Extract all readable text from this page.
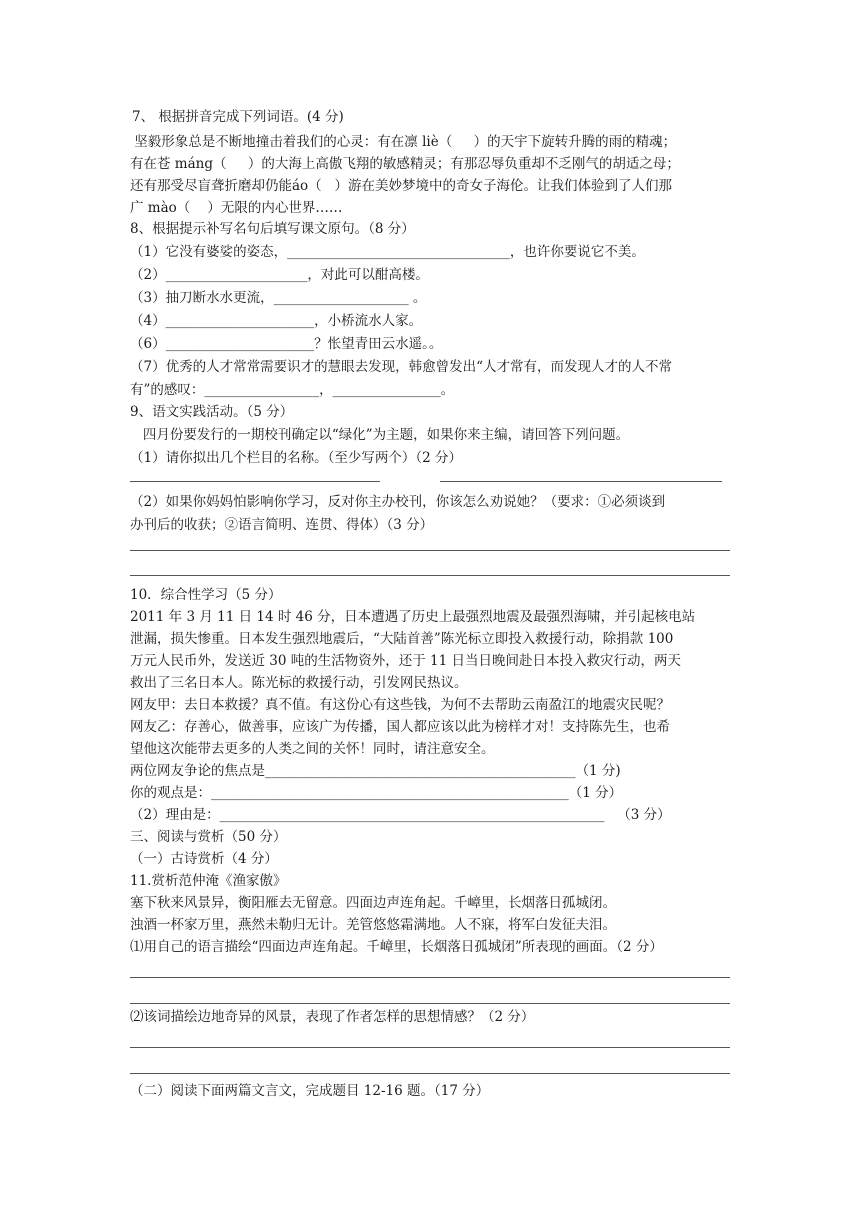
7、 根据拼音完成下列词语。(4 分)
坚毅形象总是不断地撞击着我们的心灵：有在凛 liè（     ）的天宇下旋转升腾的雨的精魂；
有在苍 máng（     ）的大海上高傲飞翔的敏感精灵；有那忍辱负重却不乏刚气的胡适之母；
还有那受尽盲聋折磨却仍能áo（   ）游在美妙梦境中的奇女子海伦。让我们体验到了人们那
广 mào（    ）无限的内心世界……
8、根据提示补写名句后填写课文原句。（8 分）
（1）它没有婆娑的姿态，_________________________________，也许你要说它不美。
（2）_____________________，对此可以酣高楼。
（3）抽刀断水水更流，____________________ 。
（4）______________________，小桥流水人家。
（6）______________________？怅望青田云水遥。。
（7）优秀的人才常常需要识才的慧眼去发现，韩愈曾发出“人才常有，而发现人才的人不常
有”的感叹：_________________，________________。
9、语文实践活动。（5 分）
四月份要发行的一期校刊确定以“绿化”为主题，如果你来主编，请回答下列问题。
（1）请你拟出几个栏目的名称。（至少写两个）（2 分）
（2）如果你妈妈怕影响你学习，反对你主办校刊，你该怎么劝说她？（要求：①必须谈到
办刊后的收获；②语言简明、连贯、得体）（3 分）
10．综合性学习（5 分）
2011 年 3 月 11 日 14 时 46 分，日本遭遇了历史上最强烈地震及最强烈海啸，并引起核电站
泄漏，损失惨重。日本发生强烈地震后，“大陆首善”陈光标立即投入救援行动，除捐款 100
万元人民币外，发送近 30 吨的生活物资外，还于 11 日当日晚间赴日本投入救灾行动，两天
救出了三名日本人。陈光标的救援行动，引发网民热议。
网友甲：去日本救援？真不值。有这份心有这些钱，为何不去帮助云南盈江的地震灾民呢？
网友乙：存善心，做善事，应该广为传播，国人都应该以此为榜样才对！支持陈先生，也希
望他这次能带去更多的人类之间的关怀！同时，请注意安全。
两位网友争论的焦点是______________________________________________（1 分)
你的观点是：_____________________________________________________（1 分）
（2）理由是：_________________________________________________________   （3 分）
三、阅读与赏析（50 分）
（一）古诗赏析（4 分）
11.赏析范仲淹《渔家傲》
塞下秋来风景异，衡阳雁去无留意。四面边声连角起。千嶂里，长烟落日孤城闭。
浊酒一杯家万里，燕然未勒归无计。羌管悠悠霜满地。人不寐，将军白发征夫泪。
⑴用自己的语言描绘“四面边声连角起。千嶂里，长烟落日孤城闭”所表现的画面。（2 分）
⑵该词描绘边地奇异的风景，表现了作者怎样的思想情感？（2 分）
（二）阅读下面两篇文言文，完成题目 12-16 题。（17 分）
